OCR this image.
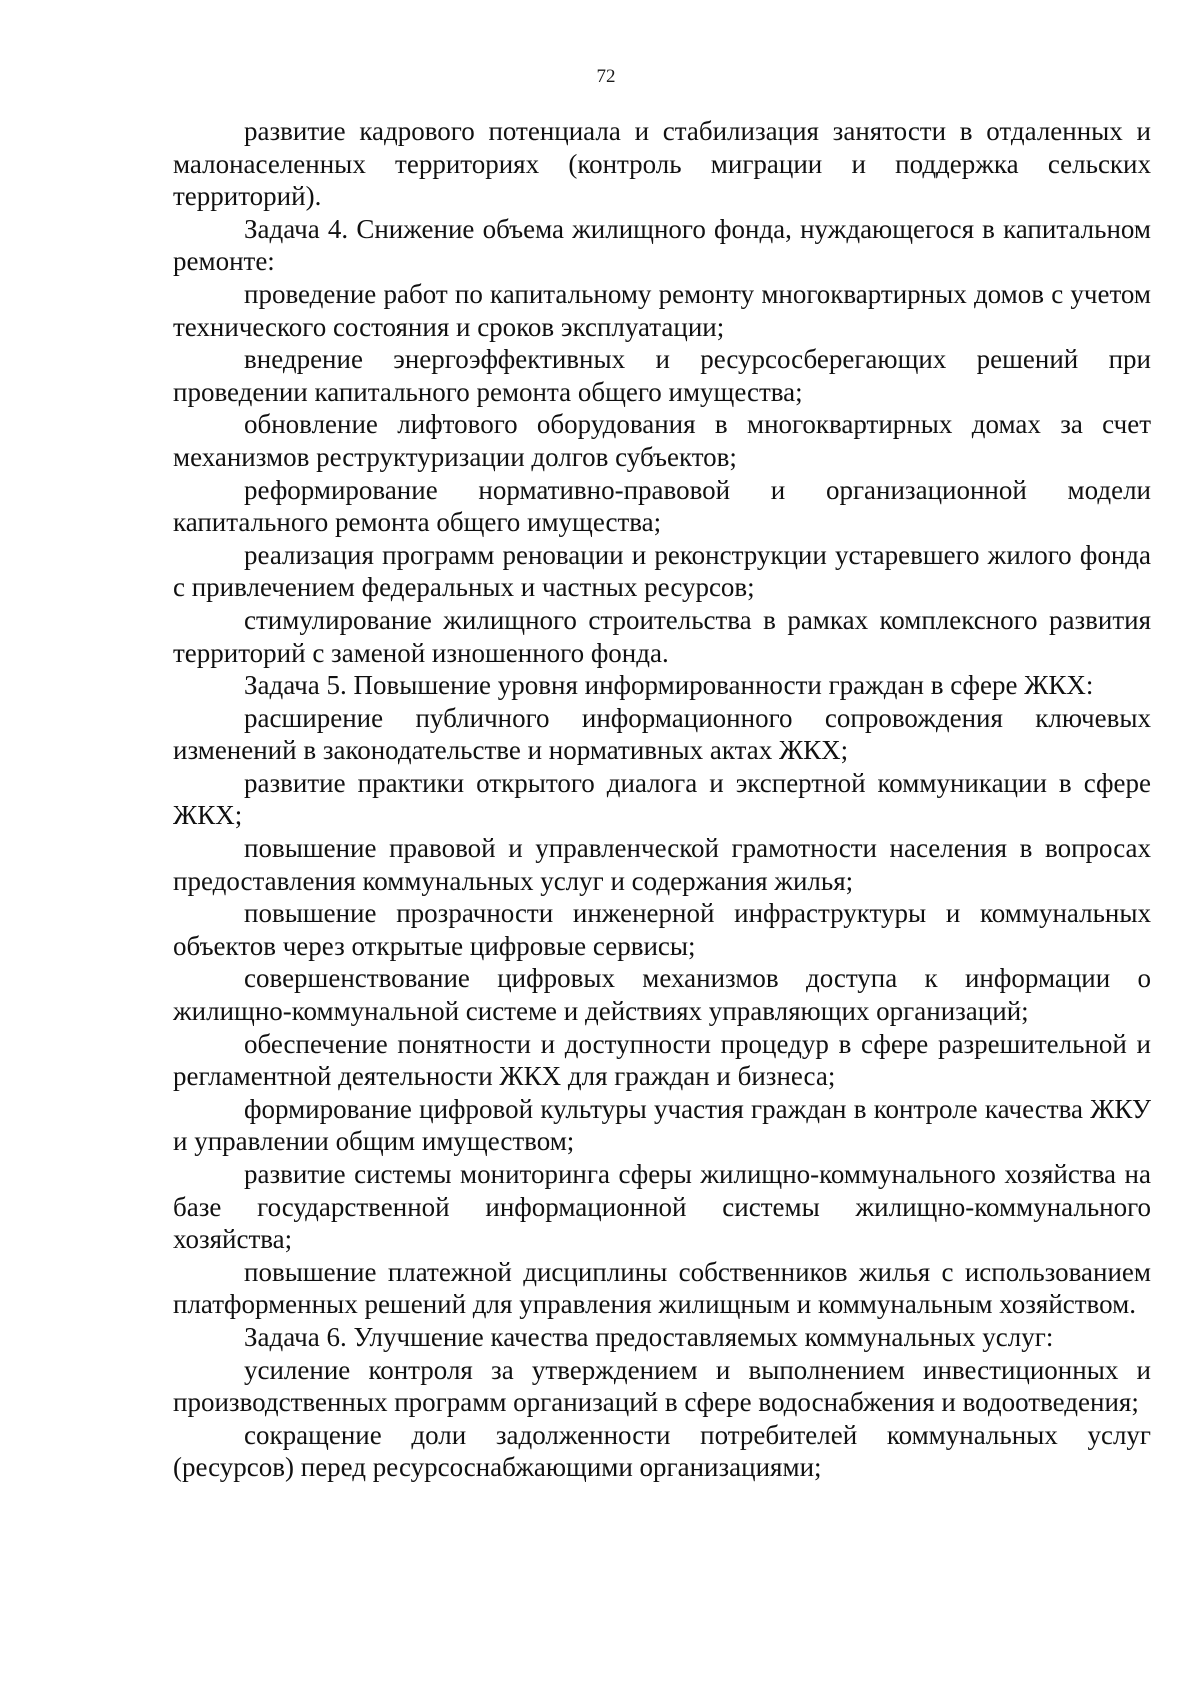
72

развитие кадрового потенциала и стабилизация занятости в отдаленных и малонаселенных территориях (контроль миграции и поддержка сельских территорий).

Задача 4. Снижение объема жилищного фонда, нуждающегося в капитальном ремонте:

проведение работ по капитальному ремонту многоквартирных домов с учетом технического состояния и сроков эксплуатации;

внедрение энергоэффективных и ресурсосберегающих решений при проведении капитального ремонта общего имущества;

обновление лифтового оборудования в многоквартирных домах за счет механизмов реструктуризации долгов субъектов;

реформирование нормативно-правовой и организационной модели капитального ремонта общего имущества;

реализация программ реновации и реконструкции устаревшего жилого фонда с привлечением федеральных и частных ресурсов;

стимулирование жилищного строительства в рамках комплексного развития территорий с заменой изношенного фонда.

Задача 5. Повышение уровня информированности граждан в сфере ЖКХ:

расширение публичного информационного сопровождения ключевых изменений в законодательстве и нормативных актах ЖКХ;

развитие практики открытого диалога и экспертной коммуникации в сфере ЖКХ;

повышение правовой и управленческой грамотности населения в вопросах предоставления коммунальных услуг и содержания жилья;

повышение прозрачности инженерной инфраструктуры и коммунальных объектов через открытые цифровые сервисы;

совершенствование цифровых механизмов доступа к информации о жилищно-коммунальной системе и действиях управляющих организаций;

обеспечение понятности и доступности процедур в сфере разрешительной и регламентной деятельности ЖКХ для граждан и бизнеса;

формирование цифровой культуры участия граждан в контроле качества ЖКУ и управлении общим имуществом;

развитие системы мониторинга сферы жилищно-коммунального хозяйства на базе государственной информационной системы жилищно-коммунального хозяйства;

повышение платежной дисциплины собственников жилья с использованием платформенных решений для управления жилищным и коммунальным хозяйством.

Задача 6. Улучшение качества предоставляемых коммунальных услуг:

усиление контроля за утверждением и выполнением инвестиционных и производственных программ организаций в сфере водоснабжения и водоотведения;

сокращение доли задолженности потребителей коммунальных услуг (ресурсов) перед ресурсоснабжающими организациями;
